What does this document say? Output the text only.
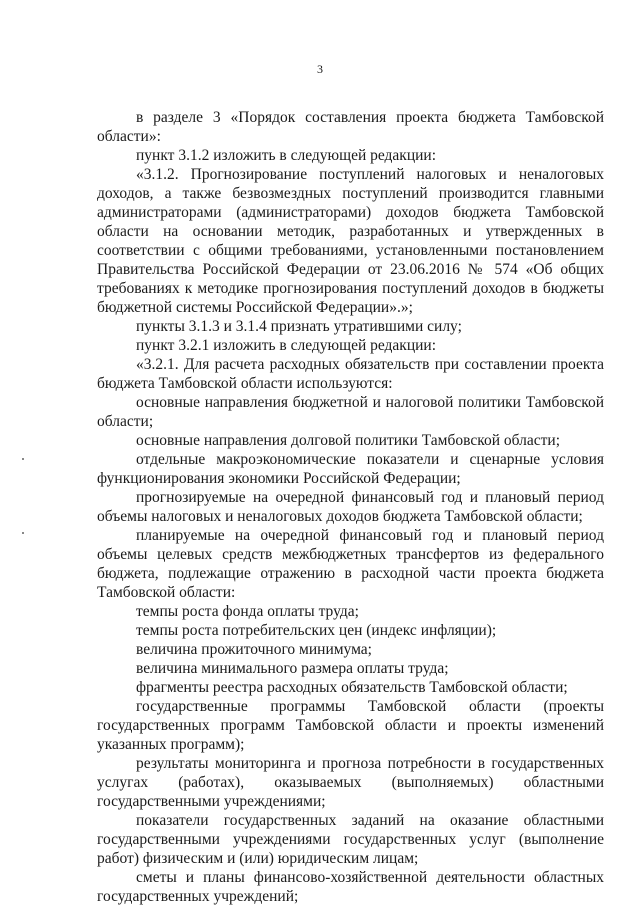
3

в разделе 3 «Порядок составления проекта бюджета Тамбовской области»:

пункт 3.1.2 изложить в следующей редакции:

«3.1.2. Прогнозирование поступлений налоговых и неналоговых доходов, а также безвозмездных поступлений производится главными администраторами (администраторами) доходов бюджета Тамбовской области на основании методик, разработанных и утвержденных в соответствии с общими требованиями, установленными постановлением Правительства Российской Федерации от 23.06.2016 № 574 «Об общих требованиях к методике прогнозирования поступлений доходов в бюджеты бюджетной системы Российской Федерации».»;

пункты 3.1.3 и 3.1.4 признать утратившими силу;

пункт 3.2.1 изложить в следующей редакции:

«3.2.1. Для расчета расходных обязательств при составлении проекта бюджета Тамбовской области используются:

основные направления бюджетной и налоговой политики Тамбовской области;

основные направления долговой политики Тамбовской области;

отдельные макроэкономические показатели и сценарные условия функционирования экономики Российской Федерации;

прогнозируемые на очередной финансовый год и плановый период объемы налоговых и неналоговых доходов бюджета Тамбовской области;

планируемые на очередной финансовый год и плановый период объемы целевых средств межбюджетных трансфертов из федерального бюджета, подлежащие отражению в расходной части проекта бюджета Тамбовской области:

темпы роста фонда оплаты труда;

темпы роста потребительских цен (индекс инфляции);

величина прожиточного минимума;

величина минимального размера оплаты труда;

фрагменты реестра расходных обязательств Тамбовской области;

государственные программы Тамбовской области (проекты государственных программ Тамбовской области и проекты изменений указанных программ);

результаты мониторинга и прогноза потребности в государственных услугах (работах), оказываемых (выполняемых) областными государственными учреждениями;

показатели государственных заданий на оказание областными государственными учреждениями государственных услуг (выполнение работ) физическим и (или) юридическим лицам;

сметы и планы финансово-хозяйственной деятельности областных государственных учреждений;
